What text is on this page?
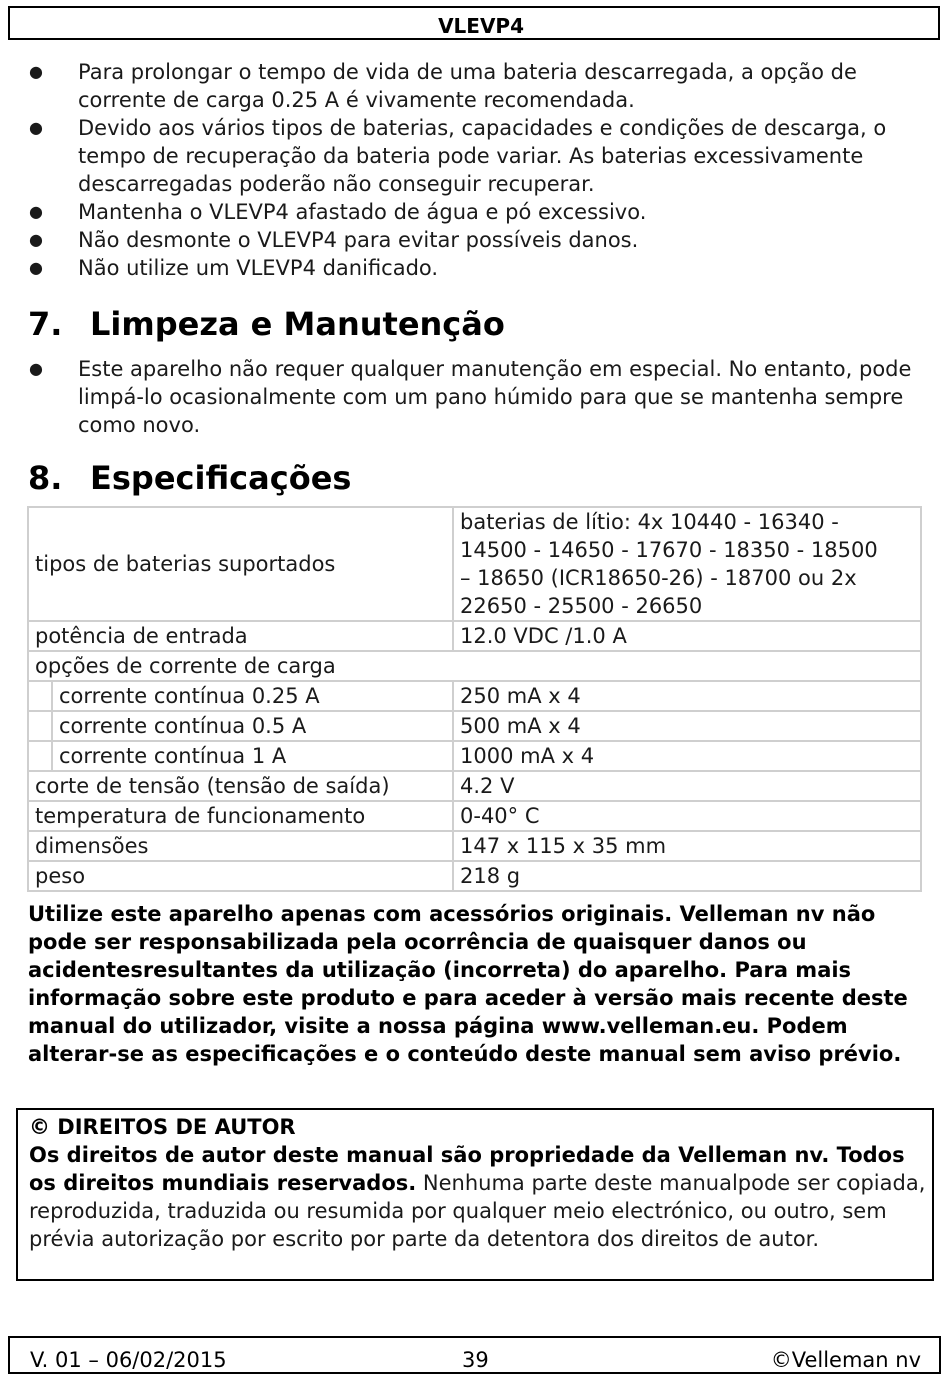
VLEVP4
● Para prolongar o tempo de vida de uma bateria descarregada, a opção de corrente de carga 0.25 A é vivamente recomendada.
● Devido aos vários tipos de baterias, capacidades e condições de descarga, o tempo de recuperação da bateria pode variar. As baterias excessivamente descarregadas poderão não conseguir recuperar.
● Mantenha o VLEVP4 afastado de água e pó excessivo.
● Não desmonte o VLEVP4 para evitar possíveis danos.
● Não utilize um VLEVP4 danificado.
7. Limpeza e Manutenção
● Este aparelho não requer qualquer manutenção em especial. No entanto, pode limpá-lo ocasionalmente com um pano húmido para que se mantenha sempre como novo.
8. Especificações
tipos de baterias suportados	baterias de lítio: 4x 10440 - 16340 - 14500 - 14650 - 17670 - 18350 - 18500 – 18650 (ICR18650-26) - 18700 ou 2x 22650 - 25500 - 26650
potência de entrada	12.0 VDC /1.0 A
opções de corrente de carga	
corrente contínua 0.25 A	250 mA x 4
corrente contínua 0.5 A	500 mA x 4
corrente contínua 1 A	1000 mA x 4
corte de tensão (tensão de saída)	4.2 V
temperatura de funcionamento	0-40° C
dimensões	147 x 115 x 35 mm
peso	218 g
Utilize este aparelho apenas com acessórios originais. Velleman nv não pode ser responsabilizada pela ocorrência de quaisquer danos ou acidentesresultantes da utilização (incorreta) do aparelho. Para mais informação sobre este produto e para aceder à versão mais recente deste manual do utilizador, visite a nossa página www.velleman.eu. Podem alterar-se as especificações e o conteúdo deste manual sem aviso prévio.
© DIREITOS DE AUTOR
Os direitos de autor deste manual são propriedade da Velleman nv. Todos os direitos mundiais reservados. Nenhuma parte deste manualpode ser copiada, reproduzida, traduzida ou resumida por qualquer meio electrónico, ou outro, sem prévia autorização por escrito por parte da detentora dos direitos de autor.
V. 01 – 06/02/2015	39	©Velleman nv
